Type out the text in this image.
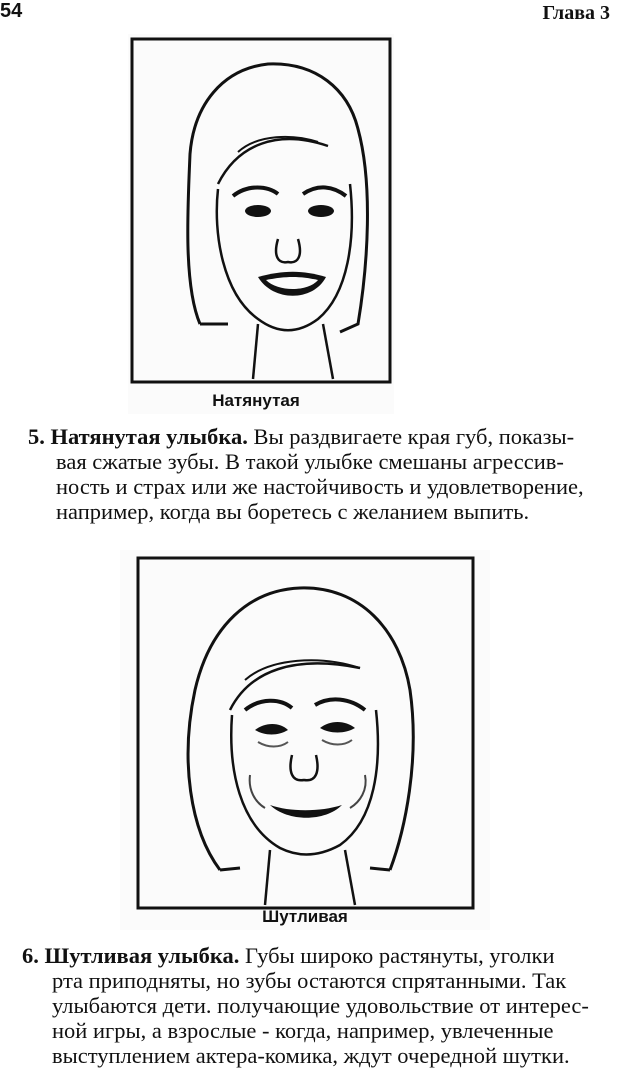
54	Глава 3
Натянутая
5. Натянутая улыбка. Вы раздвигаете края губ, показы-
вая сжатые зубы. В такой улыбке смешаны агрессив-
ность и страх или же настойчивость и удовлетворение,
например, когда вы боретесь с желанием выпить.
Шутливая
6. Шутливая улыбка. Губы широко растянуты, уголки
рта приподняты, но зубы остаются спрятанными. Так
улыбаются дети. получающие удовольствие от интерес-
ной игры, а взрослые - когда, например, увлеченные
выступлением актера-комика, ждут очередной шутки.
